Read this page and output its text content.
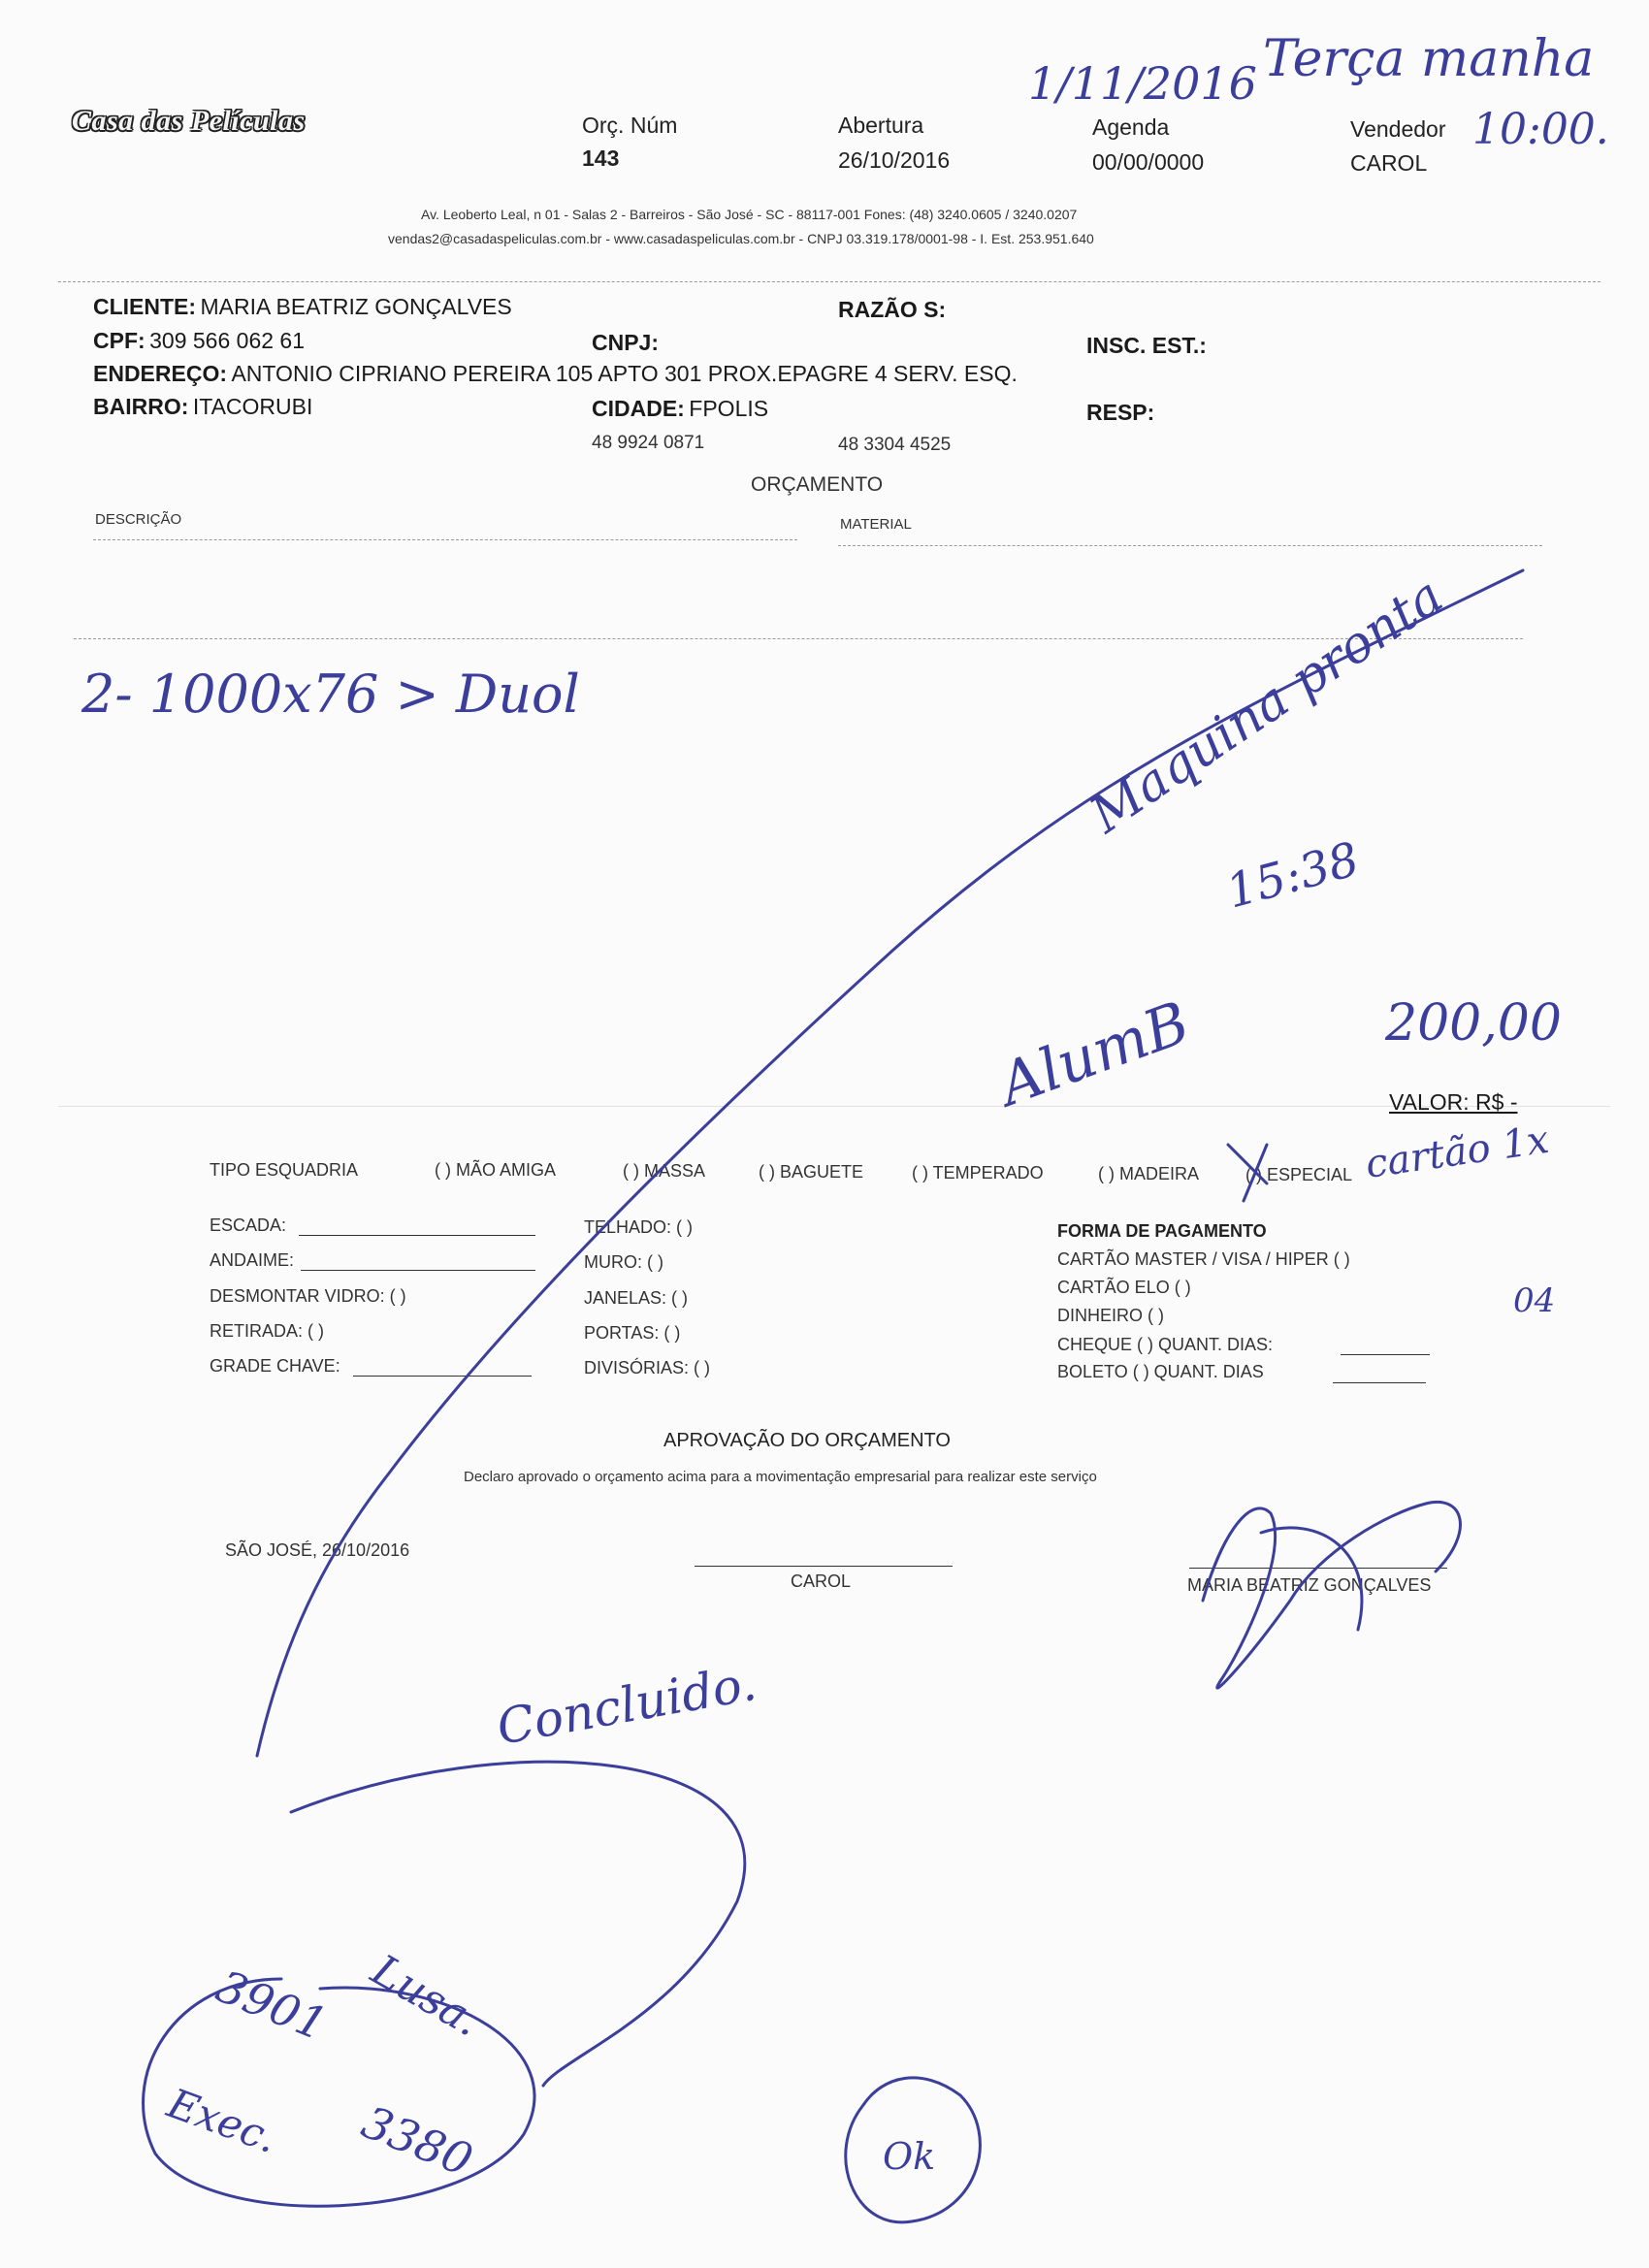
Casa das Películas	Orç. Núm
143
Abertura
26/10/2016
Agenda
00/00/0000
Vendedor
CAROL
Av. Leoberto Leal, n 01 - Salas 2 - Barreiros - São José - SC - 88117-001 Fones: (48) 3240.0605 / 3240.0207
vendas2@casadaspeliculas.com.br - www.casadaspeliculas.com.br - CNPJ 03.319.178/0001-98 - I. Est. 253.951.640
CLIENTE: MARIA BEATRIZ GONÇALVES	RAZÃO S:
CPF: 309 566 062 61	CNPJ:	INSC. EST.:
ENDEREÇO: ANTONIO CIPRIANO PEREIRA 105 APTO 301 PROX.EPAGRE 4 SERV. ESQ.
BAIRRO: ITACORUBI	CIDADE: FPOLIS	RESP:
48 9924 0871	48 3304 4525
ORÇAMENTO
DESCRIÇÃO	MATERIAL
VALOR: R$ -
TIPO ESQUADRIA	( ) MÃO AMIGA	( ) MASSA	( ) BAGUETE	( ) TEMPERADO	( ) MADEIRA	( ) ESPECIAL
ESCADA:
ANDAIME:
DESMONTAR VIDRO: ( )
RETIRADA: ( )
GRADE CHAVE:
TELHADO: ( )
MURO: ( )
JANELAS: ( )
PORTAS: ( )
DIVISÓRIAS: ( )
FORMA DE PAGAMENTO
CARTÃO MASTER / VISA / HIPER ( )
CARTÃO ELO ( )
DINHEIRO ( )
CHEQUE ( ) QUANT. DIAS:
BOLETO ( ) QUANT. DIAS
APROVAÇÃO DO ORÇAMENTO
Declaro aprovado o orçamento acima para a movimentação empresarial para realizar este serviço
SÃO JOSÉ, 26/10/2016
CAROL	MARIA BEATRIZ GONÇALVES
1/11/2016 Terça manha
10:00.
2- 1000x76 > Duol	Maquina pronta
15:38
AlumB	200,00
cartão 1x
04
Concluido.
Ok
3901
3380
Exec.
Lusa.
